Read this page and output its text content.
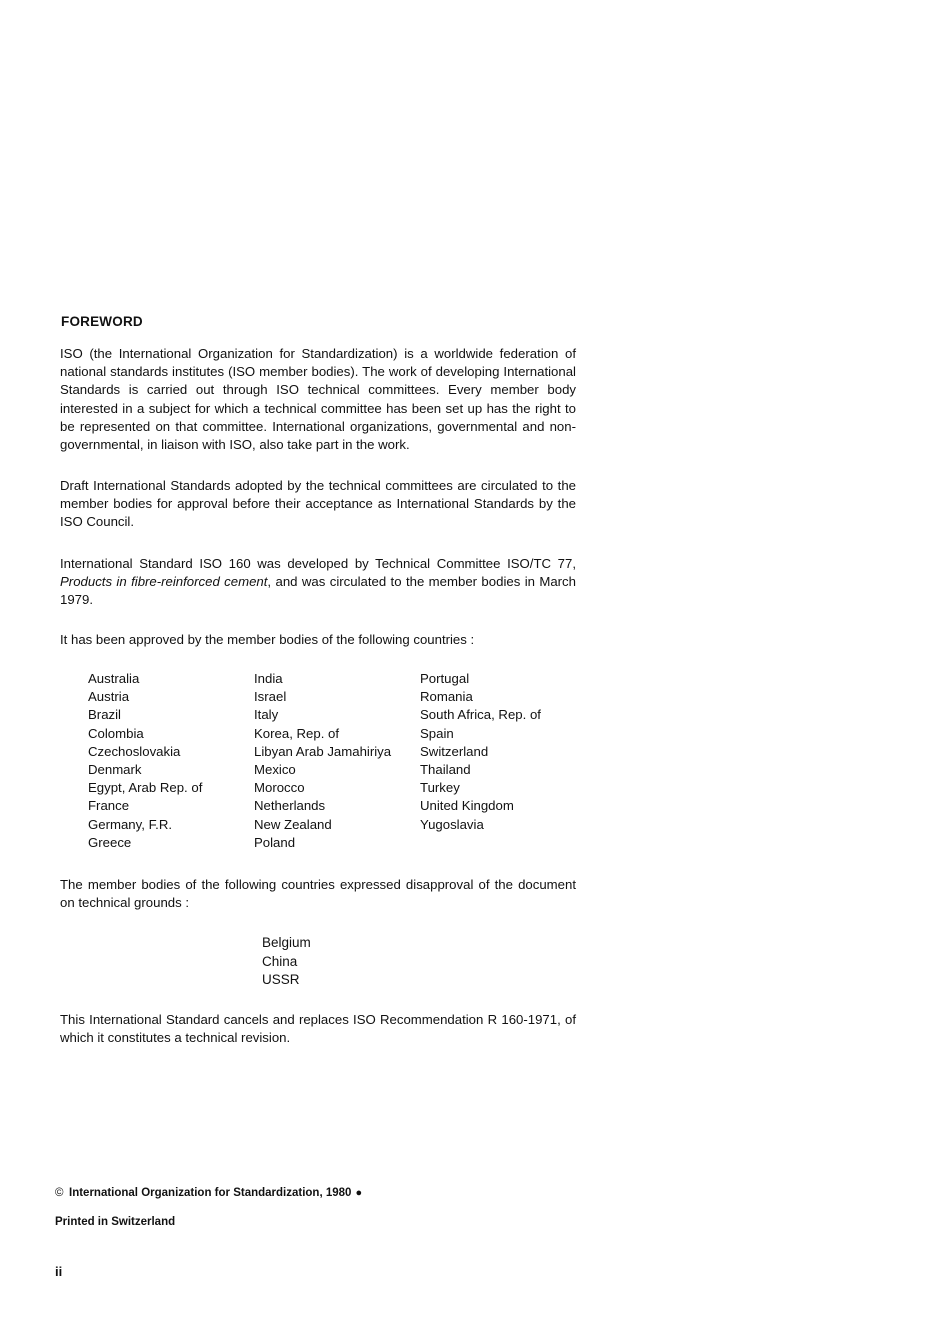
FOREWORD

ISO (the International Organization for Standardization) is a worldwide federation of national standards institutes (ISO member bodies). The work of developing International Standards is carried out through ISO technical committees. Every member body interested in a subject for which a technical committee has been set up has the right to be represented on that committee. International organizations, governmental and non-governmental, in liaison with ISO, also take part in the work.

Draft International Standards adopted by the technical committees are circulated to the member bodies for approval before their acceptance as International Standards by the ISO Council.

International Standard ISO 160 was developed by Technical Committee ISO/TC 77, Products in fibre-reinforced cement, and was circulated to the member bodies in March 1979.

It has been approved by the member bodies of the following countries :

Australia
Austria
Brazil
Colombia
Czechoslovakia
Denmark
Egypt, Arab Rep. of
France
Germany, F.R.
Greece
India
Israel
Italy
Korea, Rep. of
Libyan Arab Jamahiriya
Mexico
Morocco
Netherlands
New Zealand
Poland
Portugal
Romania
South Africa, Rep. of
Spain
Switzerland
Thailand
Turkey
United Kingdom
Yugoslavia

The member bodies of the following countries expressed disapproval of the document on technical grounds :

Belgium
China
USSR

This International Standard cancels and replaces ISO Recommendation R 160-1971, of which it constitutes a technical revision.

© International Organization for Standardization, 1980 ●
Printed in Switzerland
ii
